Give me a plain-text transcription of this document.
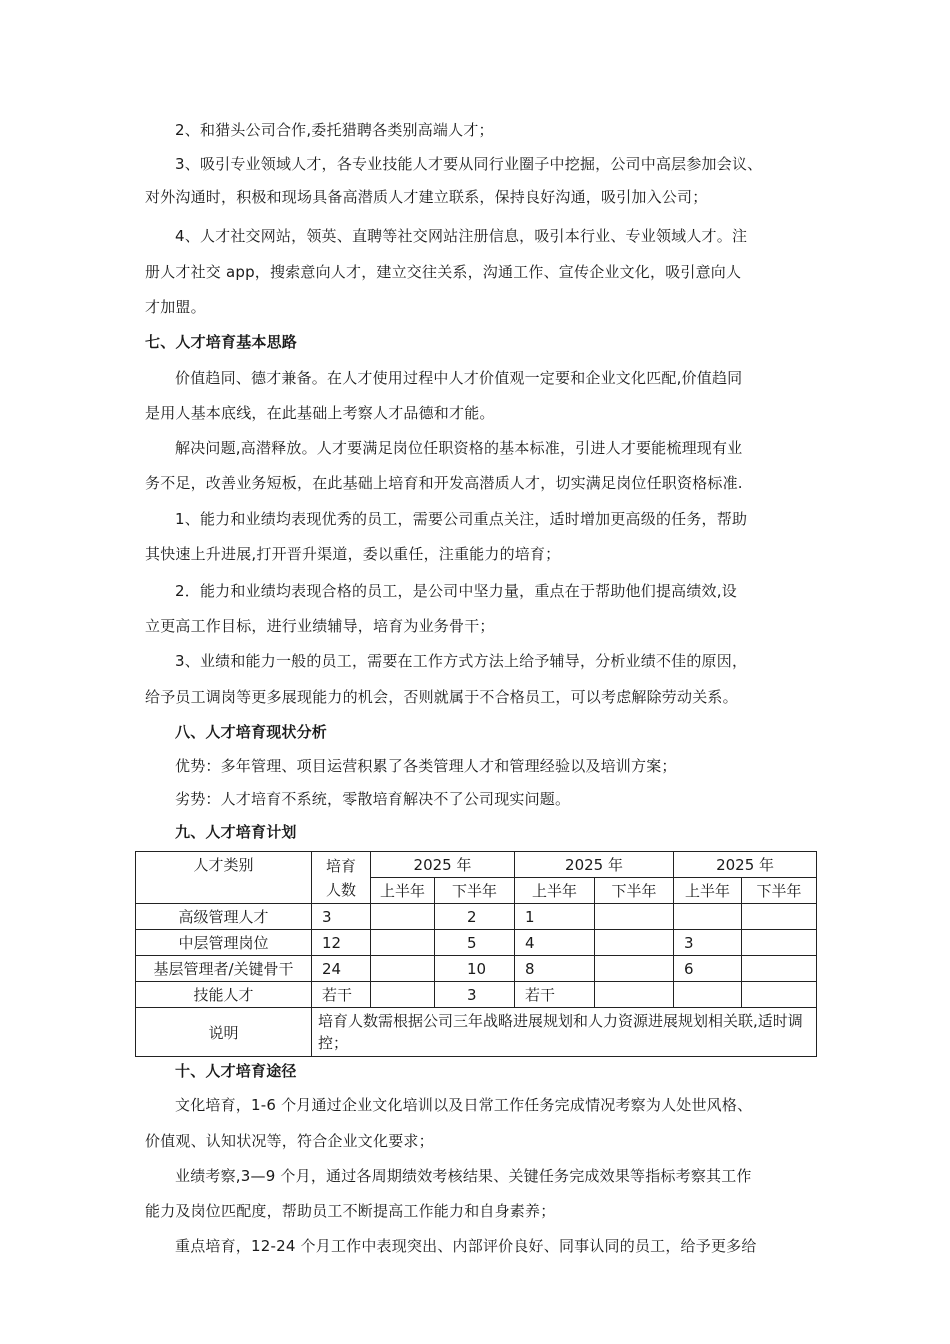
2、和猎头公司合作,委托猎聘各类别高端人才；
3、吸引专业领域人才，各专业技能人才要从同行业圈子中挖掘，公司中高层参加会议、
对外沟通时，积极和现场具备高潜质人才建立联系，保持良好沟通，吸引加入公司；
4、人才社交网站，领英、直聘等社交网站注册信息，吸引本行业、专业领域人才。注
册人才社交 app，搜索意向人才，建立交往关系，沟通工作、宣传企业文化，吸引意向人
才加盟。
七、人才培育基本思路
价值趋同、德才兼备。在人才使用过程中人才价值观一定要和企业文化匹配,价值趋同
是用人基本底线，在此基础上考察人才品德和才能。
解决问题,高潜释放。人才要满足岗位任职资格的基本标准，引进人才要能梳理现有业
务不足，改善业务短板，在此基础上培育和开发高潜质人才，切实满足岗位任职资格标准.
1、能力和业绩均表现优秀的员工，需要公司重点关注，适时增加更高级的任务，帮助
其快速上升进展,打开晋升渠道，委以重任，注重能力的培育；
2．能力和业绩均表现合格的员工，是公司中坚力量，重点在于帮助他们提高绩效,设
立更高工作目标，进行业绩辅导，培育为业务骨干；
3、业绩和能力一般的员工，需要在工作方式方法上给予辅导，分析业绩不佳的原因，
给予员工调岗等更多展现能力的机会，否则就属于不合格员工，可以考虑解除劳动关系。
八、人才培育现状分析
优势：多年管理、项目运营积累了各类管理人才和管理经验以及培训方案；
劣势：人才培育不系统，零散培育解决不了公司现实问题。
九、人才培育计划
人才类别	培育
人数	2025 年		2025 年		2025 年	
		上半年	下半年	上半年	下半年	上半年	下半年
高级管理人才	3		2	1			
中层管理岗位	12		5	4		3	
基层管理者/关键骨干	24		10	8		6	
技能人才	若干		3	若干			
说明	培育人数需根据公司三年战略进展规划和人力资源进展规划相关联,适时调控；						
十、人才培育途径
文化培育，1-6 个月通过企业文化培训以及日常工作任务完成情况考察为人处世风格、
价值观、认知状况等，符合企业文化要求；
业绩考察,3—9 个月，通过各周期绩效考核结果、关键任务完成效果等指标考察其工作
能力及岗位匹配度，帮助员工不断提高工作能力和自身素养；
重点培育，12-24 个月工作中表现突出、内部评价良好、同事认同的员工，给予更多给
